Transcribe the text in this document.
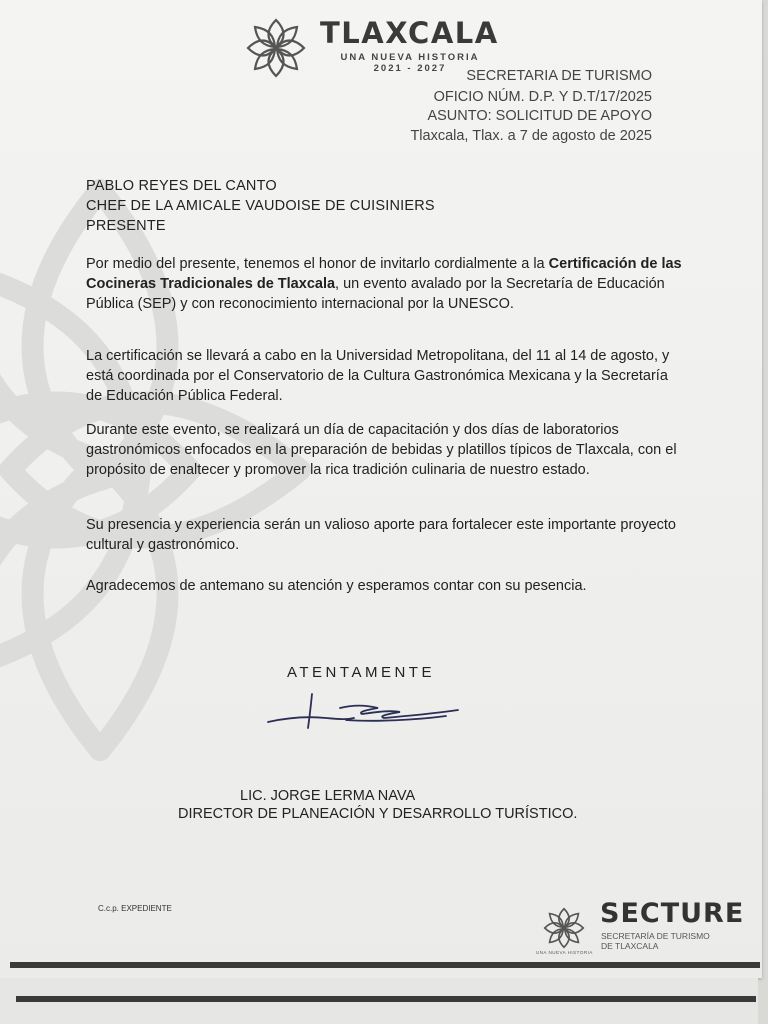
TLAXCALA
UNA NUEVA HISTORIA
2021 - 2027	SECRETARIA DE TURISMO
OFICIO NÚM. D.P. Y D.T/17/2025
ASUNTO: SOLICITUD DE APOYO
Tlaxcala, Tlax. a 7 de agosto de 2025
PABLO REYES DEL CANTO
CHEF DE LA AMICALE VAUDOISE DE CUISINIERS
PRESENTE
Por medio del presente, tenemos el honor de invitarlo cordialmente a la Certificación de las Cocineras Tradicionales de Tlaxcala, un evento avalado por la Secretaría de Educación Pública (SEP) y con reconocimiento internacional por la UNESCO.
La certificación se llevará a cabo en la Universidad Metropolitana, del 11 al 14 de agosto, y está coordinada por el Conservatorio de la Cultura Gastronómica Mexicana y la Secretaría de Educación Pública Federal.
Durante este evento, se realizará un día de capacitación y dos días de laboratorios gastronómicos enfocados en la preparación de bebidas y platillos típicos de Tlaxcala, con el propósito de enaltecer y promover la rica tradición culinaria de nuestro estado.
Su presencia y experiencia serán un valioso aporte para fortalecer este importante proyecto cultural y gastronómico.
Agradecemos de antemano su atención y esperamos contar con su pesencia.
ATENTAMENTE
LIC. JORGE LERMA NAVA
DIRECTOR DE PLANEACIÓN Y DESARROLLO TURÍSTICO.
C.c.p. EXPEDIENTE
UNA NUEVA HISTORIA
SECTURE
SECRETARÍA DE TURISMO
DE TLAXCALA
